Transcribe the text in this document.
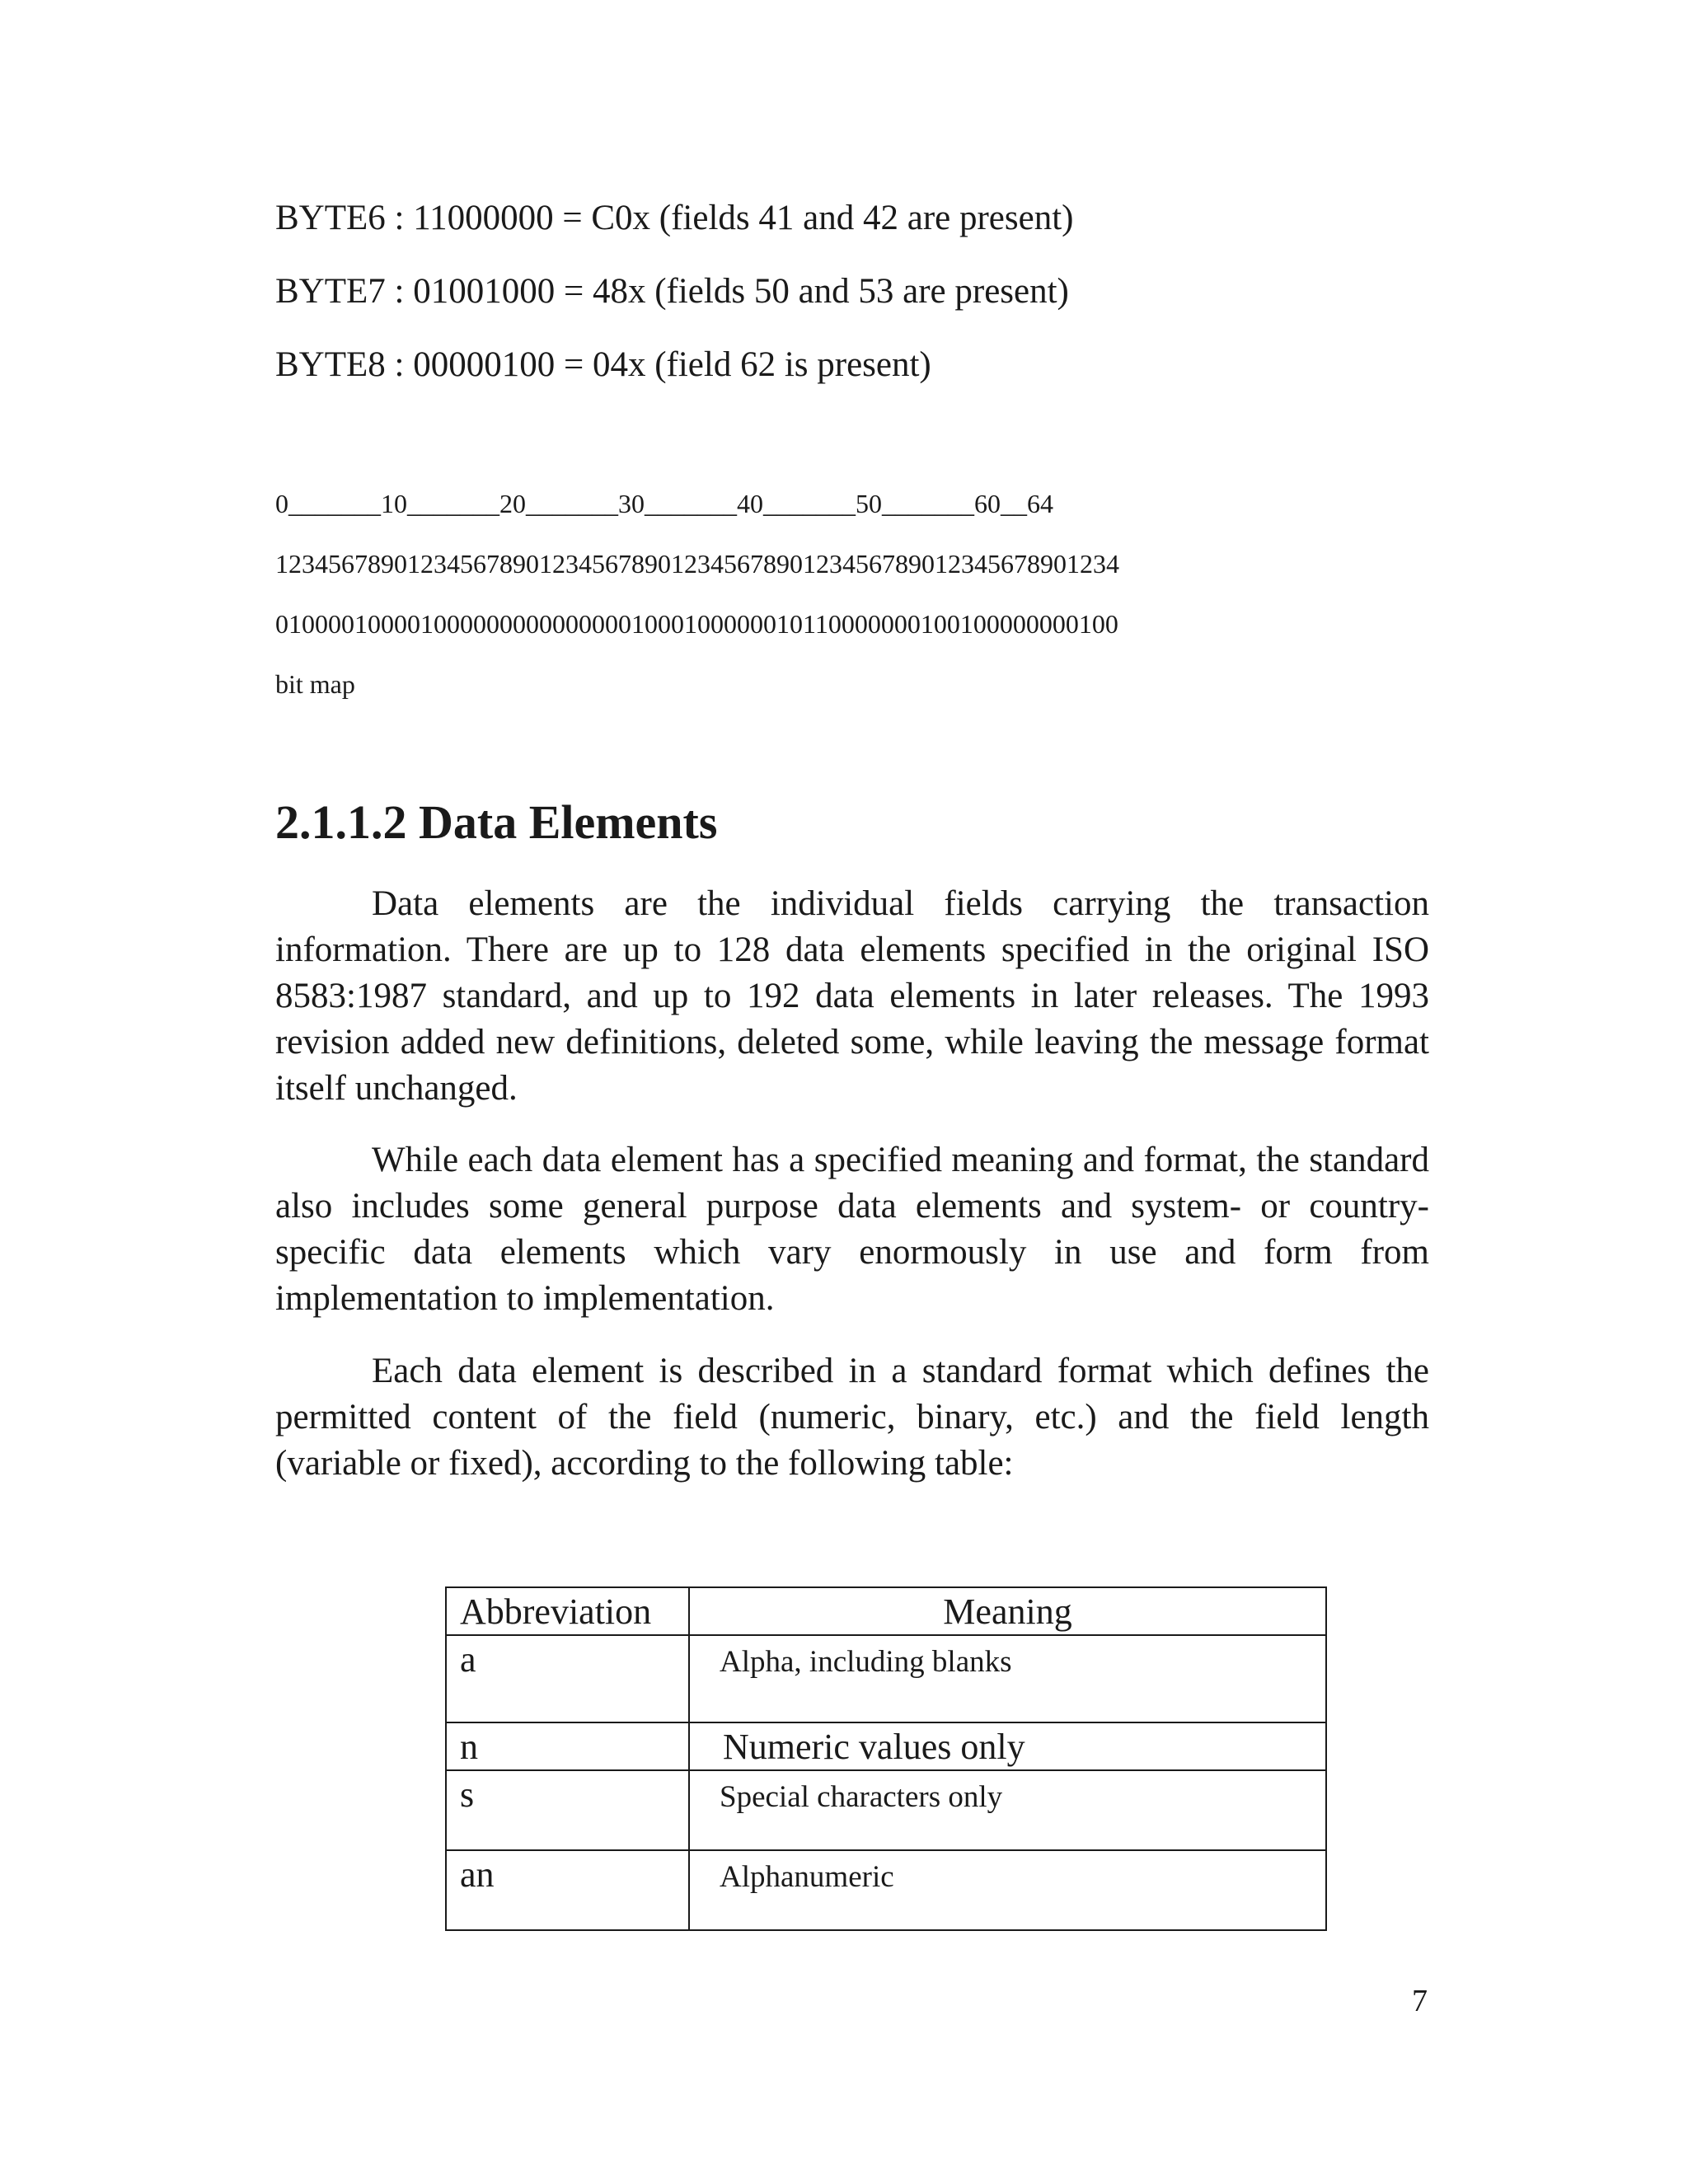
BYTE6 : 11000000 = C0x (fields 41 and 42 are present)
BYTE7 : 01001000 = 48x (fields 50 and 53 are present)
BYTE8 : 00000100 = 04x (field 62 is present)
0_______10_______20_______30_______40_______50_______60__64
1234567890123456789012345678901234567890123456789012345678901234
0100001000010000000000000001000100000010110000000100100000000100
bit map
2.1.1.2 Data Elements

Data elements are the individual fields carrying the transaction information. There are up to 128 data elements specified in the original ISO 8583:1987 standard, and up to 192 data elements in later releases. The 1993 revision added new definitions, deleted some, while leaving the message format itself unchanged.

While each data element has a specified meaning and format, the standard also includes some general purpose data elements and system- or country-specific data elements which vary enormously in use and form from implementation to implementation.

Each data element is described in a standard format which defines the permitted content of the field (numeric, binary, etc.) and the field length (variable or fixed), according to the following table:

Abbreviation	Meaning
a	Alpha, including blanks
n	Numeric values only
s	Special characters only
an	Alphanumeric
7
